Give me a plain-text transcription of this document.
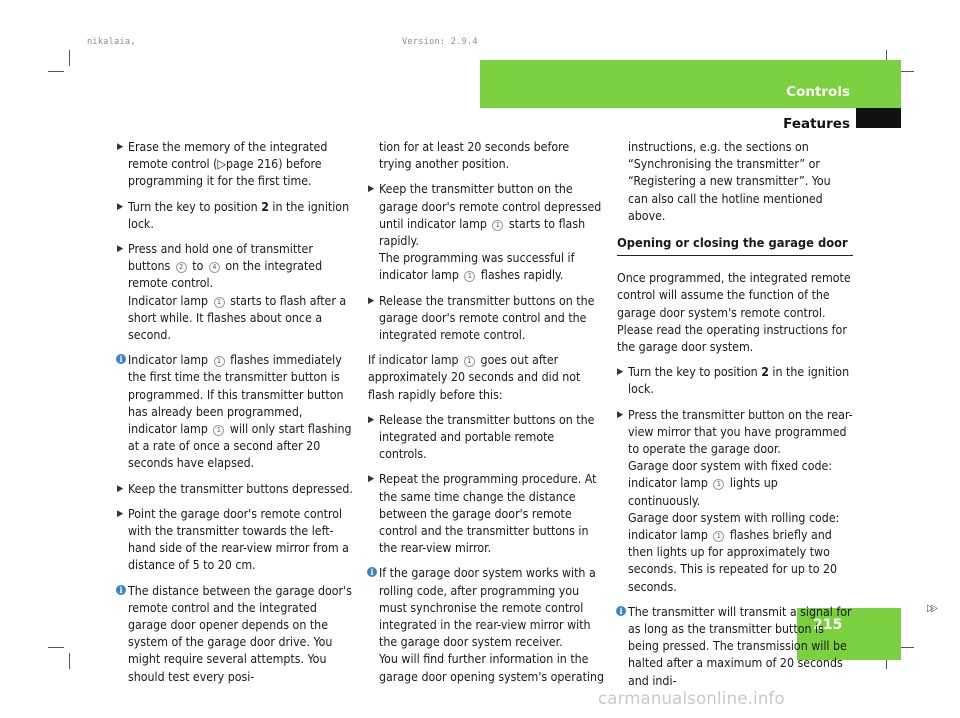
nikalaia,	Version: 2.9.4
Controls
Features
215
▷▷

▶ Erase the memory of the integrated remote control (▷page 216) before programming it for the first time.

▶ Turn the key to position 2 in the ignition lock.

▶ Press and hold one of transmitter buttons 2 to 4 on the integrated remote control.

Indicator lamp 1 starts to flash after a short while. It flashes about once a second.

i Indicator lamp 1 flashes immediately the first time the transmitter button is programmed. If this transmitter button has already been programmed, indicator lamp 1 will only start flashing at a rate of once a second after 20 seconds have elapsed.

▶ Keep the transmitter buttons depressed.

▶ Point the garage door's remote control with the transmitter towards the left-hand side of the rear-view mirror from a distance of 5 to 20 cm.

i The distance between the garage door's remote control and the integrated garage door opener depends on the system of the garage door drive. You might require several attempts. You should test every posi-

tion for at least 20 seconds before trying another position.

▶ Keep the transmitter button on the garage door's remote control depressed until indicator lamp 1 starts to flash rapidly.

The programming was successful if indicator lamp 1 flashes rapidly.

▶ Release the transmitter buttons on the garage door's remote control and the integrated remote control.

If indicator lamp 1 goes out after approximately 20 seconds and did not flash rapidly before this:

▶ Release the transmitter buttons on the integrated and portable remote controls.

▶ Repeat the programming procedure. At the same time change the distance between the garage door's remote control and the transmitter buttons in the rear-view mirror.

i If the garage door system works with a rolling code, after programming you must synchronise the remote control integrated in the rear-view mirror with the garage door system receiver.

You will find further information in the garage door opening system's operating

instructions, e.g. the sections on “Synchronising the transmitter” or “Registering a new transmitter”. You can also call the hotline mentioned above.

Opening or closing the garage door

Once programmed, the integrated remote control will assume the function of the garage door system's remote control. Please read the operating instructions for the garage door system.

▶ Turn the key to position 2 in the ignition lock.

▶ Press the transmitter button on the rear-view mirror that you have programmed to operate the garage door.

Garage door system with fixed code: indicator lamp 1 lights up continuously.

Garage door system with rolling code: indicator lamp 1 flashes briefly and then lights up for approximately two seconds. This is repeated for up to 20 seconds.

i The transmitter will transmit a signal for as long as the transmitter button is being pressed. The transmission will be halted after a maximum of 20 seconds and indi-

carmanualsonline.info
